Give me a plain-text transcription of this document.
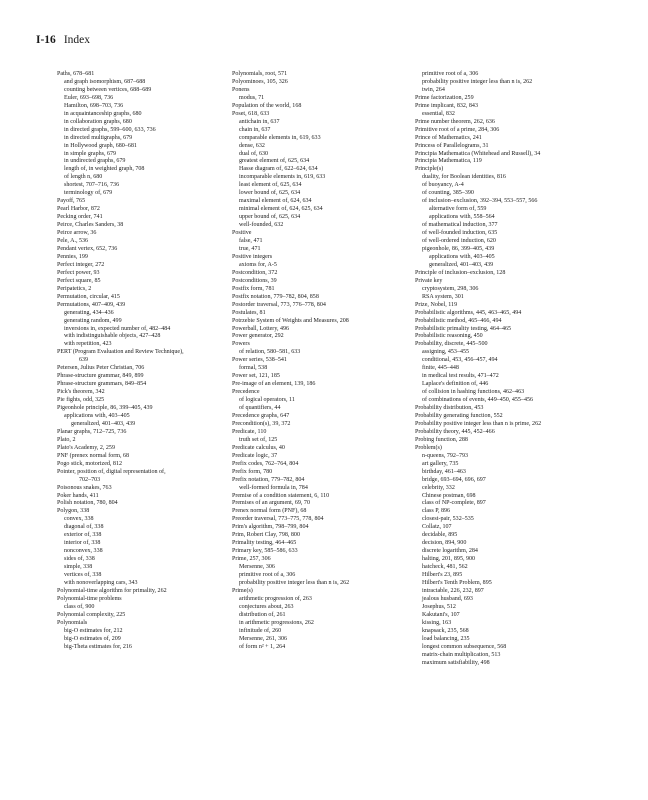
I-16 Index
Paths, 678–681
and graph isomorphism, 687–688
counting between vertices, 688–689
Euler, 693–698, 736
Hamilton, 698–703, 736
in acquaintanceship graphs, 680
in collaboration graphs, 680
in directed graphs, 599–600, 633, 736
in directed multigraphs, 679
in Hollywood graph, 680–681
in simple graphs, 679
in undirected graphs, 679
length of, in weighted graph, 708
of length n, 680
shortest, 707–716, 736
terminology of, 679
Payoff, 765
Pearl Harbor, 872
Pecking order, 741
Peirce, Charles Sanders, 38
Peirce arrow, 36
Pele, A., 536
Pendant vertex, 652, 736
Pennies, 199
Perfect integer, 272
Perfect power, 93
Perfect square, 85
Peripatetics, 2
Permutation, circular, 415
Permutations, 407–409, 439
generating, 434–436
generating random, 499
inversions in, expected number of, 482–484
with indistinguishable objects, 427–428
with repetition, 423
PERT (Program Evaluation and Review Technique),
639
Petersen, Julius Peter Christian, 706
Phrase-structure grammar, 849, 899
Phrase-structure grammars, 849–854
Pick's theorem, 342
Pie fights, odd, 325
Pigeonhole principle, 86, 399–405, 439
applications with, 403–405
generalized, 401–403, 439
Planar graphs, 712–725, 736
Plato, 2
Plato's Academy, 2, 259
PNF (prenex normal form, 68
Pogo stick, motorized, 812
Pointer, position of, digital representation of,
702–703
Poisonous snakes, 763
Poker hands, 411
Polish notation, 780, 804
Polygon, 338
convex, 338
diagonal of, 338
exterior of, 338
interior of, 338
nonconvex, 338
sides of, 338
simple, 338
vertices of, 338
with nonoverlapping cars, 343
Polynomial-time algorithm for primality, 262
Polynomial-time problems
class of, 900
Polynomial complexity, 225
Polynomials
big-O estimates for, 212
big-O estimates of, 209
big-Theta estimates for, 216
Polynomials, root, 571
Polyominoes, 105, 326
Ponens
modus, 71
Population of the world, 168
Poset, 618, 633
antichain in, 637
chain in, 637
comparable elements in, 619, 633
dense, 632
dual of, 630
greatest element of, 625, 634
Hasse diagram of, 622–624, 634
incomparable elements in, 619, 633
least element of, 625, 634
lower bound of, 625, 634
maximal element of, 624, 634
minimal element of, 624, 625, 634
upper bound of, 625, 634
well-founded, 632
Positive
false, 471
true, 471
Positive integers
axioms for, A-5
Postcondition, 372
Postconditions, 39
Postfix form, 781
Postfix notation, 779–782, 804, 858
Postorder traversal, 773, 776–778, 804
Postulates, 81
Potrzebie System of Weights and Measures, 208
Powerball, Lottery, 496
Power generator, 292
Powers
of relation, 580–581, 633
Power series, 538–541
formal, 538
Power set, 121, 185
Pre-image of an element, 139, 186
Precedence
of logical operators, 11
of quantifiers, 44
Precedence graphs, 647
Precondition(s), 39, 372
Predicate, 110
truth set of, 125
Predicate calculus, 40
Predicate logic, 37
Prefix codes, 762–764, 804
Prefix form, 780
Prefix notation, 779–782, 804
well-formed formula in, 784
Premise of a condition statement, 6, 110
Premises of an argument, 69, 70
Prenex normal form (PNF), 68
Preorder traversal, 773–775, 778, 804
Prim's algorithm, 798–799, 804
Prim, Robert Clay, 798, 800
Primality testing, 464–465
Primary key, 585–586, 633
Prime, 257, 306
Mersenne, 306
primitive root of a, 306
probability positive integer less than n is, 262
Prime(s)
arithmetic progression of, 263
conjectures about, 263
distribution of, 261
in arithmetic progressions, 262
infinitude of, 260
Mersenne, 261, 306
of form n² + 1, 264
primitive root of a, 306
probability positive integer less than n is, 262
twin, 264
Prime factorization, 259
Prime implicant, 832, 843
essential, 832
Prime number theorem, 262, 636
Primitive root of a prime, 284, 306
Prince of Mathematics, 241
Princess of Parallelograms, 31
Principia Mathematica (Whitehead and Russell), 34
Principia Mathematica, 119
Principle(s)
duality, for Boolean identities, 816
of buoyancy, A-4
of counting, 385–390
of inclusion–exclusion, 392–394, 553–557, 566
alternative form of, 559
applications with, 558–564
of mathematical induction, 377
of well-founded induction, 635
of well-ordered induction, 620
pigeonhole, 86, 399–405, 439
applications with, 403–405
generalized, 401–403, 439
Principle of inclusion–exclusion, 128
Private key
cryptosystem, 298, 306
RSA system, 301
Prize, Nobel, 119
Probabilistic algorithms, 445, 463–465, 494
Probabilistic method, 465–466, 494
Probabilistic primality testing, 464–465
Probabilistic reasoning, 450
Probability, discrete, 445–500
assigning, 453–455
conditional, 453, 456–457, 494
finite, 445–448
in medical test results, 471–472
Laplace's definition of, 446
of collision in hashing functions, 462–463
of combinations of events, 449–450, 455–456
Probability distribution, 453
Probability generating function, 552
Probability positive integer less than n is prime, 262
Probability theory, 445, 452–466
Probing function, 288
Problem(s)
n-queens, 792–793
art gallery, 735
birthday, 461–463
bridge, 693–694, 696, 697
celebrity, 332
Chinese postman, 698
class of NP-complete, 897
class P, 896
closest-pair, 532–535
Collatz, 107
decidable, 895
decision, 894, 900
discrete logarithm, 284
halting, 201, 895, 900
hatcheck, 481, 562
Hilbert's 23, 895
Hilbert's Tenth Problem, 895
intractable, 226, 232, 897
jealous husband, 693
Josephus, 512
Kakutani's, 107
kissing, 163
knapsack, 235, 568
load balancing, 235
longest common subsequence, 568
matrix-chain multiplication, 513
maximum satisfiability, 498
